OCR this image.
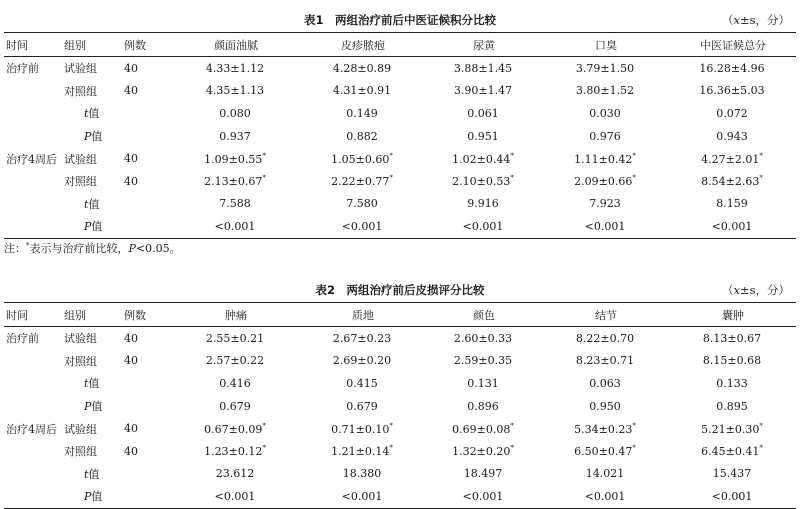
表1　两组治疗前后中医证候积分比较	（x±s，分）
时间	组别	例数	颜面油腻	皮疹脓疱	尿黄	口臭	中医证候总分
治疗前	试验组	40	4.33±1.12	4.28±0.89	3.88±1.45	3.79±1.50	16.28±4.96
	对照组	40	4.35±1.13	4.31±0.91	3.90±1.47	3.80±1.52	16.36±5.03
	t值		0.080	0.149	0.061	0.030	0.072
	P值		0.937	0.882	0.951	0.976	0.943
治疗4周后	试验组	40	1.09±0.55*	1.05±0.60*	1.02±0.44*	1.11±0.42*	4.27±2.01*
	对照组	40	2.13±0.67*	2.22±0.77*	2.10±0.53*	2.09±0.66*	8.54±2.63*
	t值		7.588	7.580	9.916	7.923	8.159
	P值		<0.001	<0.001	<0.001	<0.001	<0.001
注：*表示与治疗前比较，P<0.05。
表2　两组治疗前后皮损评分比较	（x±s，分）
时间	组别	例数	肿痛	质地	颜色	结节	囊肿
治疗前	试验组	40	2.55±0.21	2.67±0.23	2.60±0.33	8.22±0.70	8.13±0.67
	对照组	40	2.57±0.22	2.69±0.20	2.59±0.35	8.23±0.71	8.15±0.68
	t值		0.416	0.415	0.131	0.063	0.133
	P值		0.679	0.679	0.896	0.950	0.895
治疗4周后	试验组	40	0.67±0.09*	0.71±0.10*	0.69±0.08*	5.34±0.23*	5.21±0.30*
	对照组	40	1.23±0.12*	1.21±0.14*	1.32±0.20*	6.50±0.47*	6.45±0.41*
	t值		23.612	18.380	18.497	14.021	15.437
	P值		<0.001	<0.001	<0.001	<0.001	<0.001
